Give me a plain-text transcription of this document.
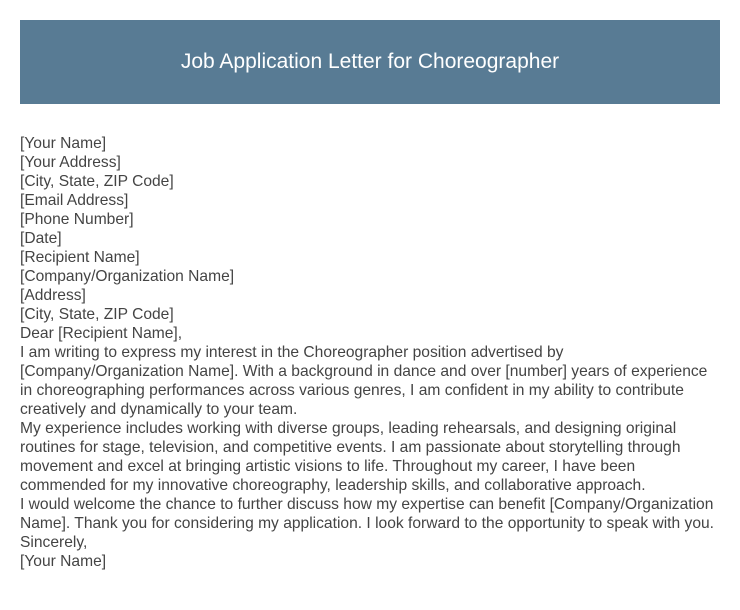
Job Application Letter for Choreographer
[Your Name]
[Your Address]
[City, State, ZIP Code]
[Email Address]
[Phone Number]
[Date]
[Recipient Name]
[Company/Organization Name]
[Address]
[City, State, ZIP Code]
Dear [Recipient Name],

I am writing to express my interest in the Choreographer position advertised by [Company/Organization Name]. With a background in dance and over [number] years of experience in choreographing performances across various genres, I am confident in my ability to contribute creatively and dynamically to your team.

My experience includes working with diverse groups, leading rehearsals, and designing original routines for stage, television, and competitive events. I am passionate about storytelling through movement and excel at bringing artistic visions to life. Throughout my career, I have been commended for my innovative choreography, leadership skills, and collaborative approach.

I would welcome the chance to further discuss how my expertise can benefit [Company/Organization Name]. Thank you for considering my application. I look forward to the opportunity to speak with you.

Sincerely,
[Your Name]
